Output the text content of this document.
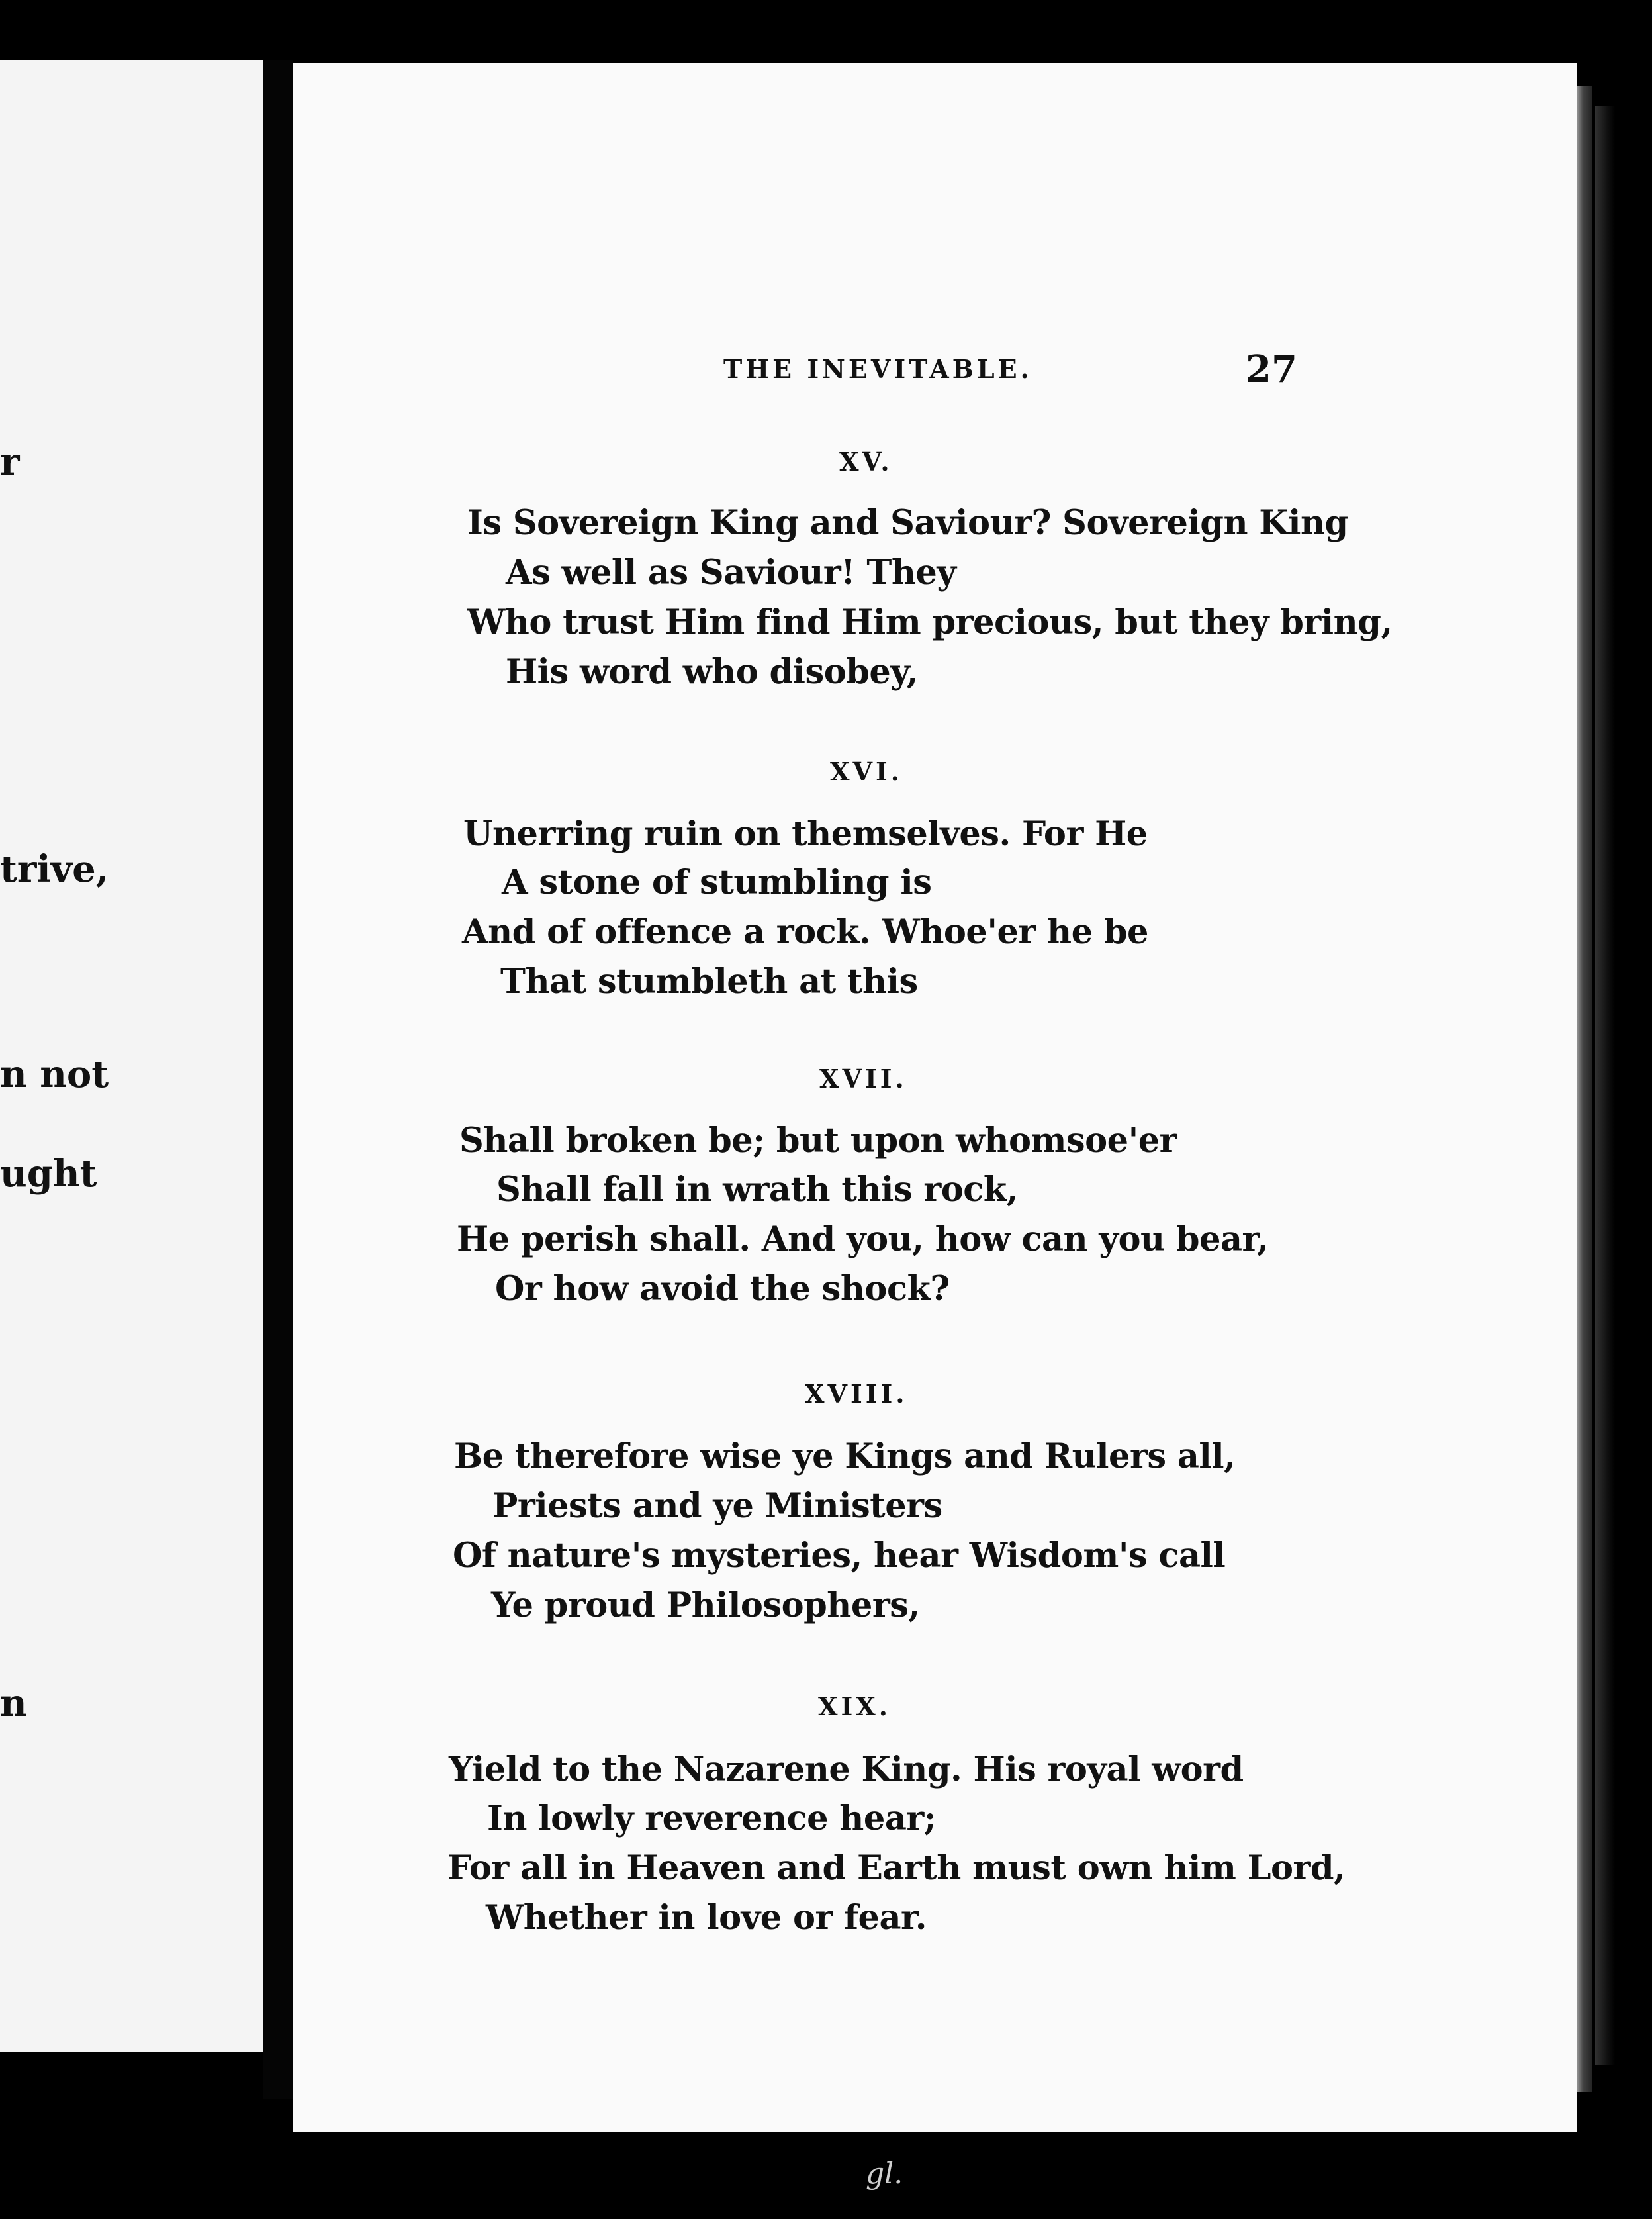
r
trive,
n not
ught
n
THE INEVITABLE.	27
XV.
Is Sovereign King and Saviour? Sovereign King
As well as Saviour! They
Who trust Him find Him precious, but they bring,
His word who disobey,
XVI.
Unerring ruin on themselves. For He
A stone of stumbling is
And of offence a rock. Whoe'er he be
That stumbleth at this
XVII.
Shall broken be; but upon whomsoe'er
Shall fall in wrath this rock,
He perish shall. And you, how can you bear,
Or how avoid the shock?
XVIII.
Be therefore wise ye Kings and Rulers all,
Priests and ye Ministers
Of nature's mysteries, hear Wisdom's call
Ye proud Philosophers,
XIX.
Yield to the Nazarene King. His royal word
In lowly reverence hear;
For all in Heaven and Earth must own him Lord,
Whether in love or fear.
gl.
